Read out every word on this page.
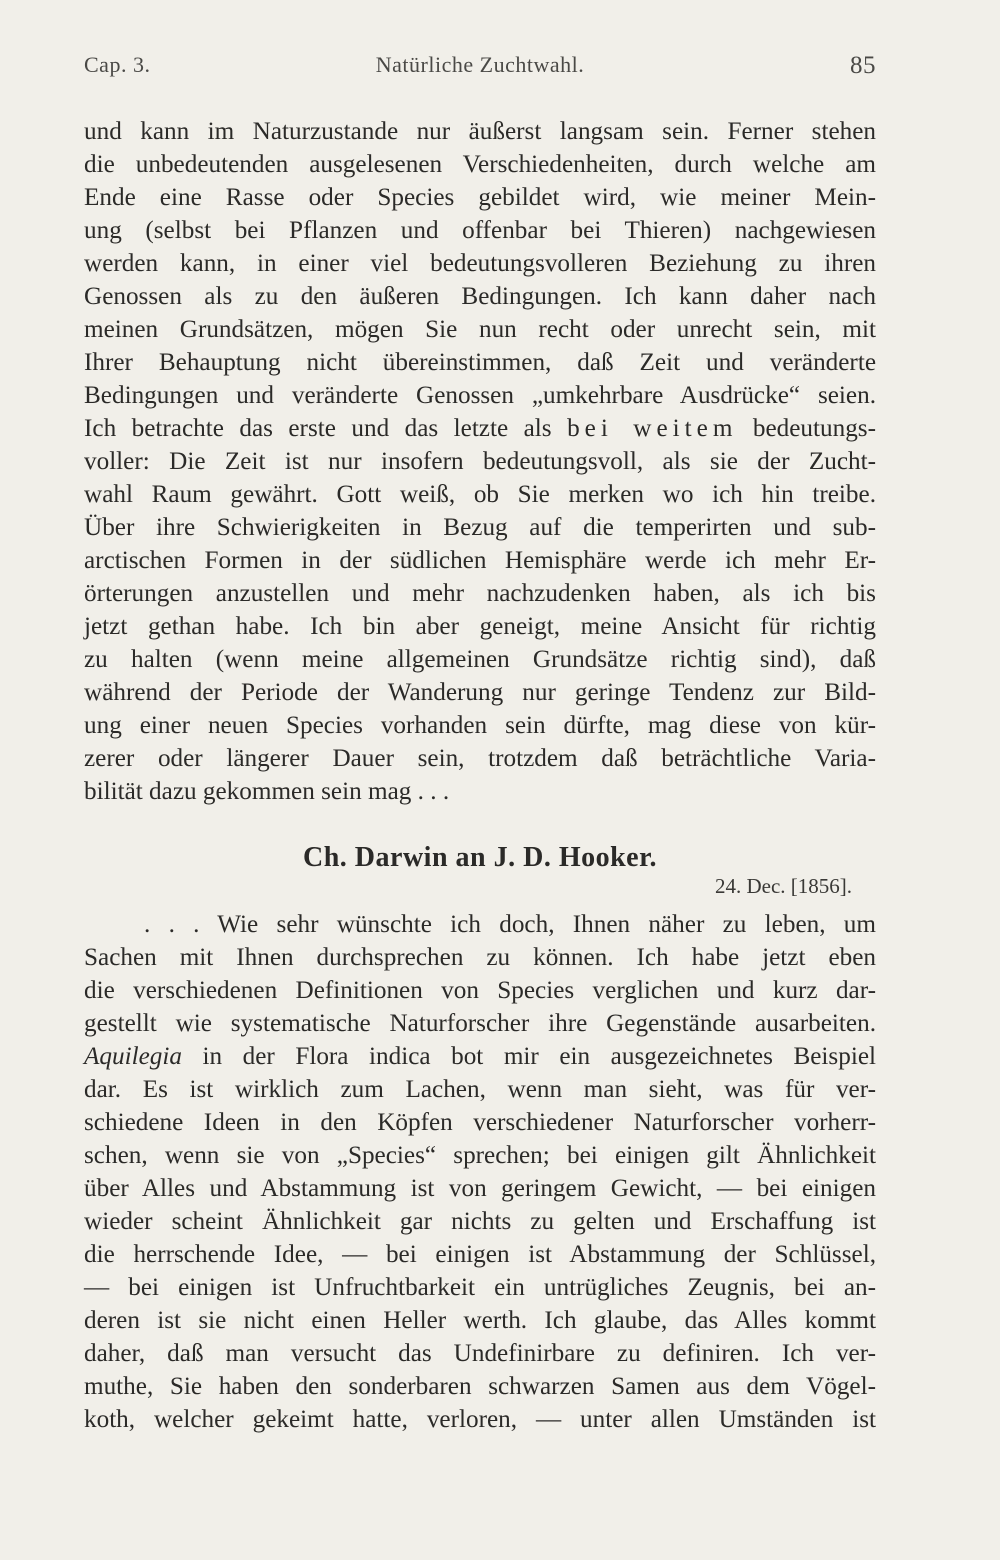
Cap. 3.	Natürliche Zuchtwahl.	85
und kann im Naturzustande nur äußerst langsam sein. Ferner stehen
die unbedeutenden ausgelesenen Verschiedenheiten, durch welche am
Ende eine Rasse oder Species gebildet wird, wie meiner Mein-
ung (selbst bei Pflanzen und offenbar bei Thieren) nachgewiesen
werden kann, in einer viel bedeutungsvolleren Beziehung zu ihren
Genossen als zu den äußeren Bedingungen. Ich kann daher nach
meinen Grundsätzen, mögen Sie nun recht oder unrecht sein, mit
Ihrer Behauptung nicht übereinstimmen, daß Zeit und veränderte
Bedingungen und veränderte Genossen „umkehrbare Ausdrücke“ seien.
Ich betrachte das erste und das letzte als bei weitem bedeutungs-
voller: Die Zeit ist nur insofern bedeutungsvoll, als sie der Zucht-
wahl Raum gewährt. Gott weiß, ob Sie merken wo ich hin treibe.
Über ihre Schwierigkeiten in Bezug auf die temperirten und sub-
arctischen Formen in der südlichen Hemisphäre werde ich mehr Er-
örterungen anzustellen und mehr nachzudenken haben, als ich bis
jetzt gethan habe. Ich bin aber geneigt, meine Ansicht für richtig
zu halten (wenn meine allgemeinen Grundsätze richtig sind), daß
während der Periode der Wanderung nur geringe Tendenz zur Bild-
ung einer neuen Species vorhanden sein dürfte, mag diese von kür-
zerer oder längerer Dauer sein, trotzdem daß beträchtliche Varia-
bilität dazu gekommen sein mag . . .
Ch. Darwin an J. D. Hooker.
24. Dec. [1856].
. . . Wie sehr wünschte ich doch, Ihnen näher zu leben, um
Sachen mit Ihnen durchsprechen zu können. Ich habe jetzt eben
die verschiedenen Definitionen von Species verglichen und kurz dar-
gestellt wie systematische Naturforscher ihre Gegenstände ausarbeiten.
Aquilegia in der Flora indica bot mir ein ausgezeichnetes Beispiel
dar. Es ist wirklich zum Lachen, wenn man sieht, was für ver-
schiedene Ideen in den Köpfen verschiedener Naturforscher vorherr-
schen, wenn sie von „Species“ sprechen; bei einigen gilt Ähnlichkeit
über Alles und Abstammung ist von geringem Gewicht, — bei einigen
wieder scheint Ähnlichkeit gar nichts zu gelten und Erschaffung ist
die herrschende Idee, — bei einigen ist Abstammung der Schlüssel,
— bei einigen ist Unfruchtbarkeit ein untrügliches Zeugnis, bei an-
deren ist sie nicht einen Heller werth. Ich glaube, das Alles kommt
daher, daß man versucht das Undefinirbare zu definiren. Ich ver-
muthe, Sie haben den sonderbaren schwarzen Samen aus dem Vögel-
koth, welcher gekeimt hatte, verloren, — unter allen Umständen ist
